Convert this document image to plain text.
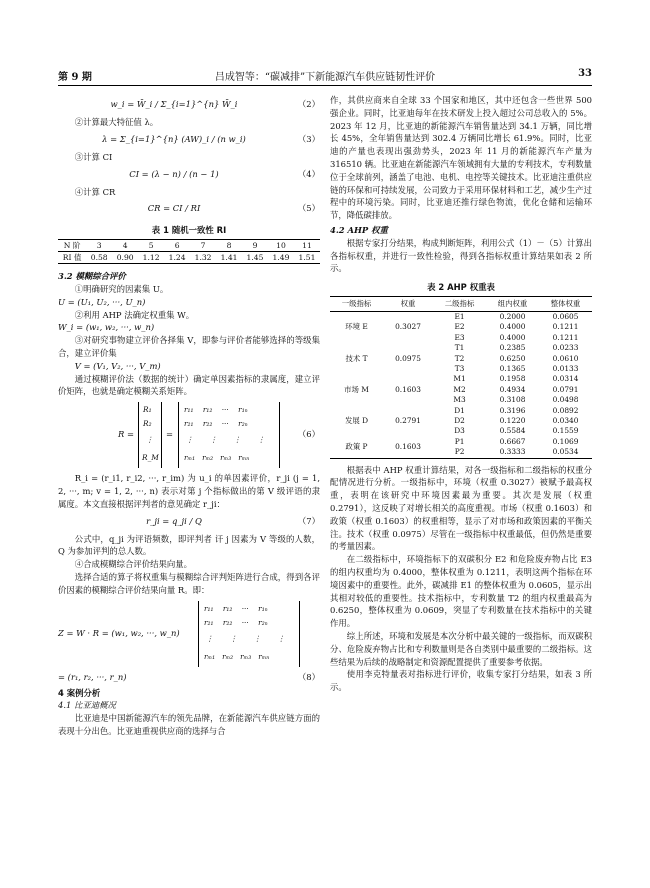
第 9 期	吕成智等：“碳减排”下新能源汽车供应链韧性评价	33
w_i = W̄_i / Σ_{i=1}^{n} W̄_i	（2）

②计算最大特征值 λ。

λ = Σ_{i=1}^{n} (AW)_i / (n w_i)	（3）

③计算 CI

CI = (λ − n) / (n − 1)	（4）

④计算 CR

CR = CI / RI	（5）
表 1 随机一致性 RI
N 阶	3	4	5	6	7	8	9	10	11
RI 值	0.58	0.90	1.12	1.24	1.32	1.41	1.45	1.49	1.51
3.2 模糊综合评价

①明确研究的因素集 U。

U = (U₁, U₂, ···, U_n)

②利用 AHP 法确定权重集 W。

W_i = (w₁, w₂, ···, w_n)

③对研究事物建立评价各择集 V，即参与评价者能够选择的等级集合，建立评价集

V = (V₁, V₂, ···, V_m)

通过模糊评价法（数据的统计）确定单因素指标的隶属度，建立评价矩阵，也就是确定模糊关系矩阵。

R =
R₁
R₂
⋮
R_M
=
r₁₁    r₁₂    ···    r₁ₙ
r₂₁    r₂₂    ···    r₂ₙ
⋮       ⋮       ⋮       ⋮
rₘ₁   rₘ₂   rₘ₃   rₘₙ
（6）

R_i = (r_i1, r_i2, ···, r_im) 为 u_i 的单因素评价，r_ji (j = 1, 2, ···, m; v = 1, 2, ···, n) 表示对第 j 个指标做出的第 V 级评语的隶属度。本文直接根据评判者的意见确定 r_ji：

r_ji = q_ji / Q	（7）

公式中，q_ji 为评语频数，即评判者 讦 j 因素为 V 等级的人数，Q 为参加评判的总人数。

④合成模糊综合评价结果向量。

选择合适的算子将权重集与模糊综合评判矩阵进行合成，得到各评价因素的模糊综合评价结果向量 R。即：

Z = W · R = (w₁, w₂, ···, w_n)
r₁₁    r₁₂    ···    r₁ₙ
r₂₁    r₂₂    ···    r₂ₙ
⋮       ⋮       ⋮       ⋮
rₘ₁   rₘ₂   rₘ₃   rₘₙ
= (r₁, r₂, ···, r_n)	（8）
4 案例分析
4.1 比亚迪概况

比亚迪是中国新能源汽车的领先品牌，在新能源汽车供应链方面的表现十分出色。比亚迪重视供应商的选择与合

作，其供应商来自全球 33 个国家和地区，其中还包含一些世界 500 强企业。同时，比亚迪每年在技术研发上投入超过公司总收入的 5%。2023 年 12 月，比亚迪的新能源汽车销售量达到 34.1 万辆，同比增长 45%，全年销售量达到 302.4 万辆同比增长 61.9%。同时，比亚迪的产量也表现出强劲势头，2023 年 11 月的新能源汽车产量为 316510 辆。比亚迪在新能源汽车领域拥有大量的专利技术，专利数量位于全球前列，涵盖了电池、电机、电控等关键技术。比亚迪注重供应链的环保和可持续发展，公司致力于采用环保材料和工艺，减少生产过程中的环境污染。同时，比亚迪还推行绿色物流，优化仓储和运输环节，降低碳排放。

4.2 AHP 权重

根据专家打分结果，构成判断矩阵，利用公式（1）－（5）计算出各指标权重，并进行一致性检验，得到各指标权重计算结果如表 2 所示。

表 2 AHP 权重表
一级指标	权重	二级指标	组内权重	整体权重
环境 E	0.3027	E1	0.2000	0.0605
		E2	0.4000	0.1211
		E3	0.4000	0.1211
技术 T	0.0975	T1	0.2385	0.0233
		T2	0.6250	0.0610
		T3	0.1365	0.0133
市场 M	0.1603	M1	0.1958	0.0314
		M2	0.4934	0.0791
		M3	0.3108	0.0498
发展 D	0.2791	D1	0.3196	0.0892
		D2	0.1220	0.0340
		D3	0.5584	0.1559
政策 P	0.1603	P1	0.6667	0.1069
		P2	0.3333	0.0534

根据表中 AHP 权重计算结果，对各一级指标和二级指标的权重分配情况进行分析。一级指标中，环境（权重 0.3027）被赋予最高权重，表明在该研究中环境因素最为重要。其次是发展（权重 0.2791），这反映了对增长相关的高度重视。市场（权重 0.1603）和政策（权重 0.1603）的权重相等，显示了对市场和政策因素的平衡关注。技术（权重 0.0975）尽管在一级指标中权重最低，但仍然是重要的考量因素。

在二级指标中，环境指标下的双碳积分 E2 和危险废弃物占比 E3 的组内权重均为 0.4000，整体权重为 0.1211，表明这两个指标在环境因素中的重要性。此外，碳减排 E1 的整体权重为 0.0605，显示出其相对较低的重要性。技术指标中，专利数量 T2 的组内权重最高为 0.6250，整体权重为 0.0609，突显了专利数量在技术指标中的关键作用。

综上所述，环境和发展是本次分析中最关键的一级指标，而双碳积分、危险废弃物占比和专利数量则是各自类别中最重要的二级指标。这些结果为后续的战略制定和资源配置提供了重要参考依据。

使用李克特量表对指标进行评价，收集专家打分结果，如表 3 所示。
